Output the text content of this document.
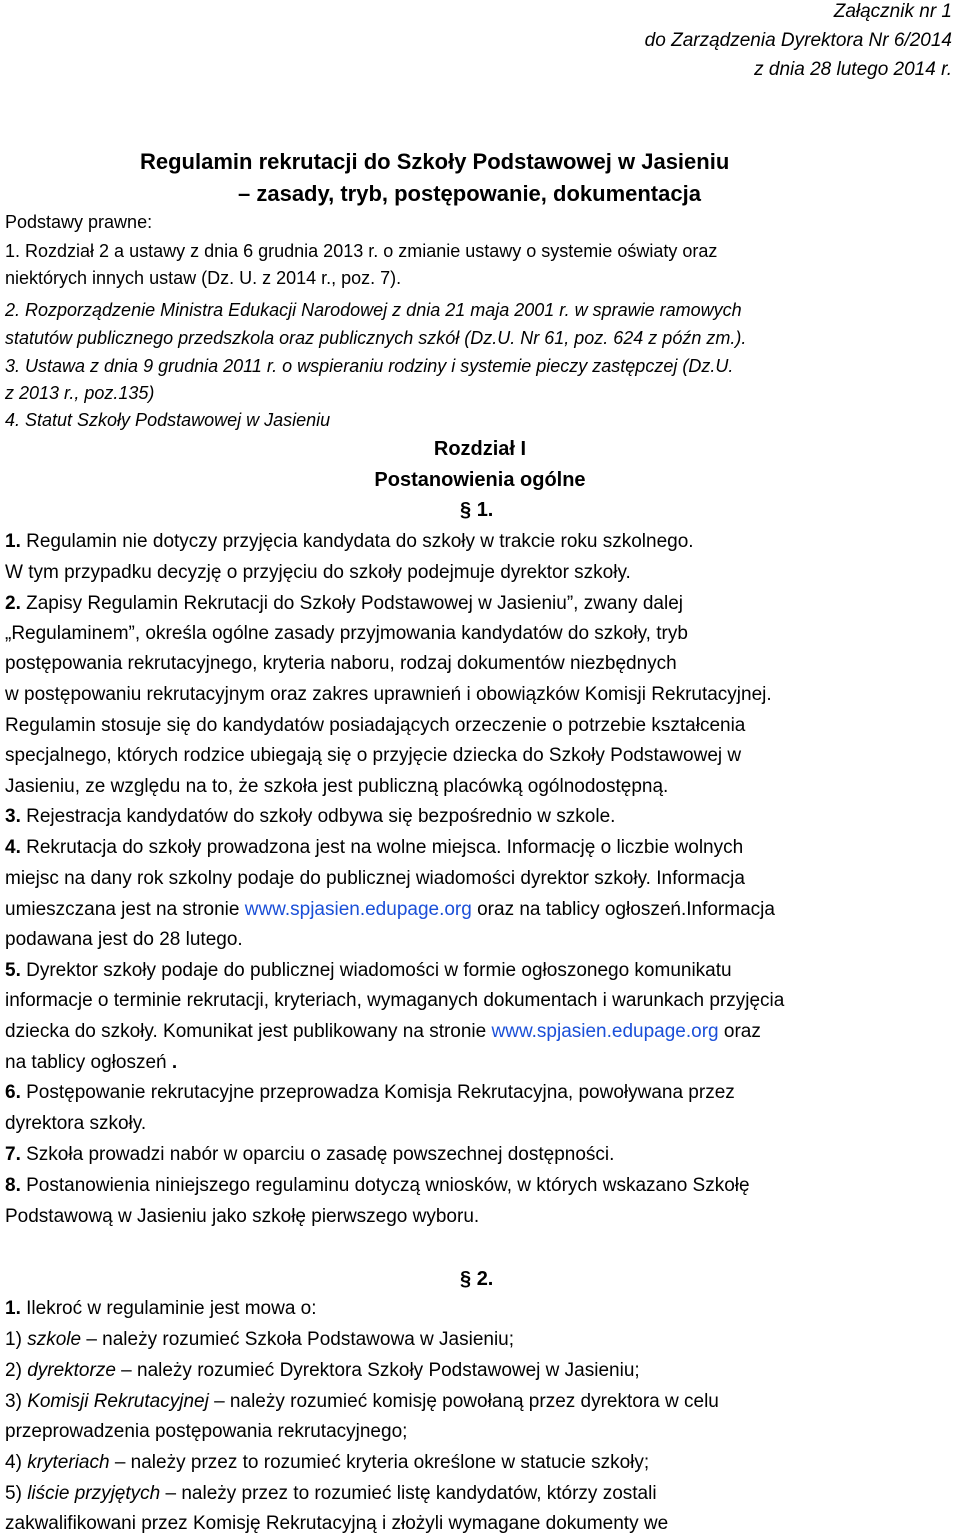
Załącznik nr 1
do Zarządzenia Dyrektora Nr 6/2014
z dnia 28 lutego 2014 r.
Regulamin rekrutacji do Szkoły Podstawowej w Jasieniu
– zasady, tryb, postępowanie, dokumentacja
Podstawy prawne:
1. Rozdział 2 a ustawy z dnia 6 grudnia 2013 r. o zmianie ustawy o systemie oświaty oraz
niektórych innych ustaw (Dz. U. z 2014 r., poz. 7).
2. Rozporządzenie Ministra Edukacji Narodowej z dnia 21 maja 2001 r. w sprawie ramowych
statutów publicznego przedszkola oraz publicznych szkół (Dz.U. Nr 61, poz. 624 z późn zm.).
3. Ustawa z dnia 9 grudnia 2011 r. o wspieraniu rodziny i systemie pieczy zastępczej (Dz.U.
z 2013 r., poz.135)
4. Statut Szkoły Podstawowej w Jasieniu
Rozdział I
Postanowienia ogólne
§ 1.
1. Regulamin nie dotyczy przyjęcia kandydata do szkoły w trakcie roku szkolnego.
W tym przypadku decyzję o przyjęciu do szkoły podejmuje dyrektor szkoły.
2. Zapisy Regulamin Rekrutacji do Szkoły Podstawowej w Jasieniu”, zwany dalej
„Regulaminem”, określa ogólne zasady przyjmowania kandydatów do szkoły, tryb
postępowania rekrutacyjnego, kryteria naboru, rodzaj dokumentów niezbędnych
w postępowaniu rekrutacyjnym oraz zakres uprawnień i obowiązków Komisji Rekrutacyjnej.
Regulamin stosuje się do kandydatów posiadających orzeczenie o potrzebie kształcenia
specjalnego, których rodzice ubiegają się o przyjęcie dziecka do Szkoły Podstawowej w
Jasieniu, ze względu na to, że szkoła jest publiczną placówką ogólnodostępną.
3. Rejestracja kandydatów do szkoły odbywa się bezpośrednio w szkole.
4. Rekrutacja do szkoły prowadzona jest na wolne miejsca. Informację o liczbie wolnych
miejsc na dany rok szkolny podaje do publicznej wiadomości dyrektor szkoły. Informacja
umieszczana jest na stronie www.spjasien.edupage.org oraz na tablicy ogłoszeń.Informacja
podawana jest do 28 lutego.
5. Dyrektor szkoły podaje do publicznej wiadomości w formie ogłoszonego komunikatu
informacje o terminie rekrutacji, kryteriach, wymaganych dokumentach i warunkach przyjęcia
dziecka do szkoły. Komunikat jest publikowany na stronie www.spjasien.edupage.org oraz
na tablicy ogłoszeń .
6. Postępowanie rekrutacyjne przeprowadza Komisja Rekrutacyjna, powoływana przez
dyrektora szkoły.
7. Szkoła prowadzi nabór w oparciu o zasadę powszechnej dostępności.
8. Postanowienia niniejszego regulaminu dotyczą wniosków, w których wskazano Szkołę
Podstawową w Jasieniu jako szkołę pierwszego wyboru.
§ 2.
1. Ilekroć w regulaminie jest mowa o:
1) szkole – należy rozumieć Szkoła Podstawowa w Jasieniu;
2) dyrektorze – należy rozumieć Dyrektora Szkoły Podstawowej w Jasieniu;
3) Komisji Rekrutacyjnej – należy rozumieć komisję powołaną przez dyrektora w celu
przeprowadzenia postępowania rekrutacyjnego;
4) kryteriach – należy przez to rozumieć kryteria określone w statucie szkoły;
5) liście przyjętych – należy przez to rozumieć listę kandydatów, którzy zostali
zakwalifikowani przez Komisję Rekrutacyjną i złożyli wymagane dokumenty we
